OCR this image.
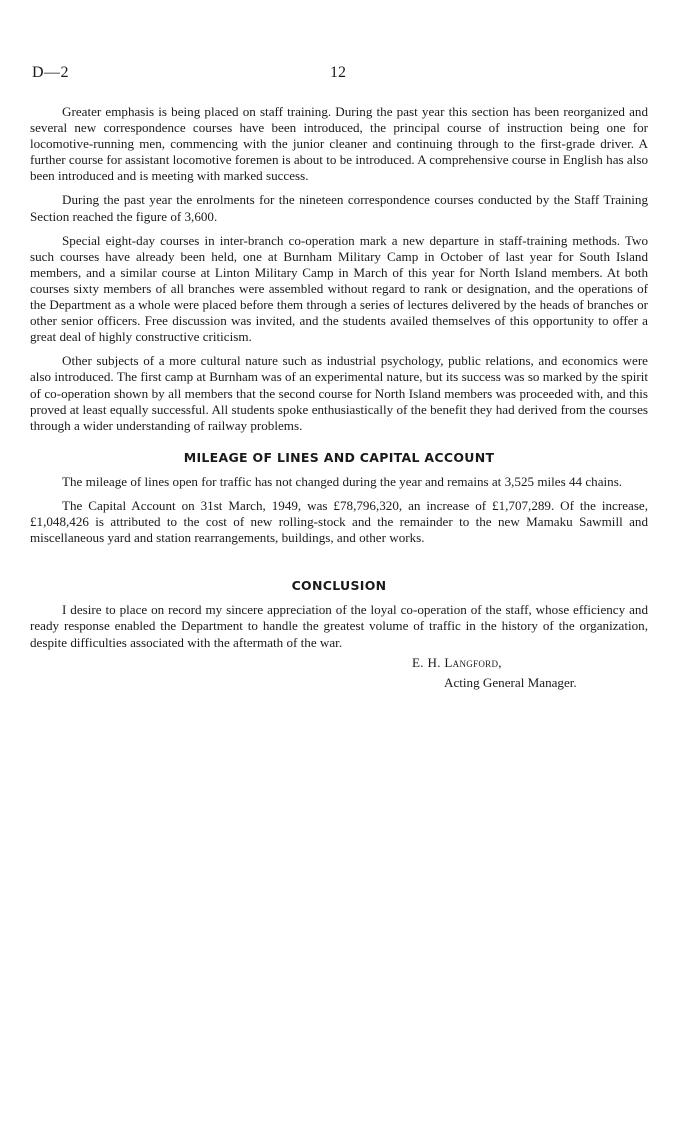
D—2	12

Greater emphasis is being placed on staff training. During the past year this section has been reorganized and several new correspondence courses have been introduced, the principal course of instruction being one for locomotive-running men, commencing with the junior cleaner and continuing through to the first-grade driver. A further course for assistant locomotive foremen is about to be introduced. A comprehensive course in English has also been introduced and is meeting with marked success.

During the past year the enrolments for the nineteen correspondence courses conducted by the Staff Training Section reached the figure of 3,600.

Special eight-day courses in inter-branch co-operation mark a new departure in staff-training methods. Two such courses have already been held, one at Burnham Military Camp in October of last year for South Island members, and a similar course at Linton Military Camp in March of this year for North Island members. At both courses sixty members of all branches were assembled without regard to rank or designation, and the operations of the Department as a whole were placed before them through a series of lectures delivered by the heads of branches or other senior officers. Free discussion was invited, and the students availed themselves of this opportunity to offer a great deal of highly constructive criticism.

Other subjects of a more cultural nature such as industrial psychology, public relations, and economics were also introduced. The first camp at Burnham was of an experimental nature, but its success was so marked by the spirit of co-operation shown by all members that the second course for North Island members was proceeded with, and this proved at least equally successful. All students spoke enthusiastically of the benefit they had derived from the courses through a wider understanding of railway problems.

MILEAGE OF LINES AND CAPITAL ACCOUNT

The mileage of lines open for traffic has not changed during the year and remains at 3,525 miles 44 chains.

The Capital Account on 31st March, 1949, was £78,796,320, an increase of £1,707,289. Of the increase, £1,048,426 is attributed to the cost of new rolling-stock and the remainder to the new Mamaku Sawmill and miscellaneous yard and station rearrangements, buildings, and other works.

CONCLUSION

I desire to place on record my sincere appreciation of the loyal co-operation of the staff, whose efficiency and ready response enabled the Department to handle the greatest volume of traffic in the history of the organization, despite difficulties associated with the aftermath of the war.

E. H. Langford,
Acting General Manager.
